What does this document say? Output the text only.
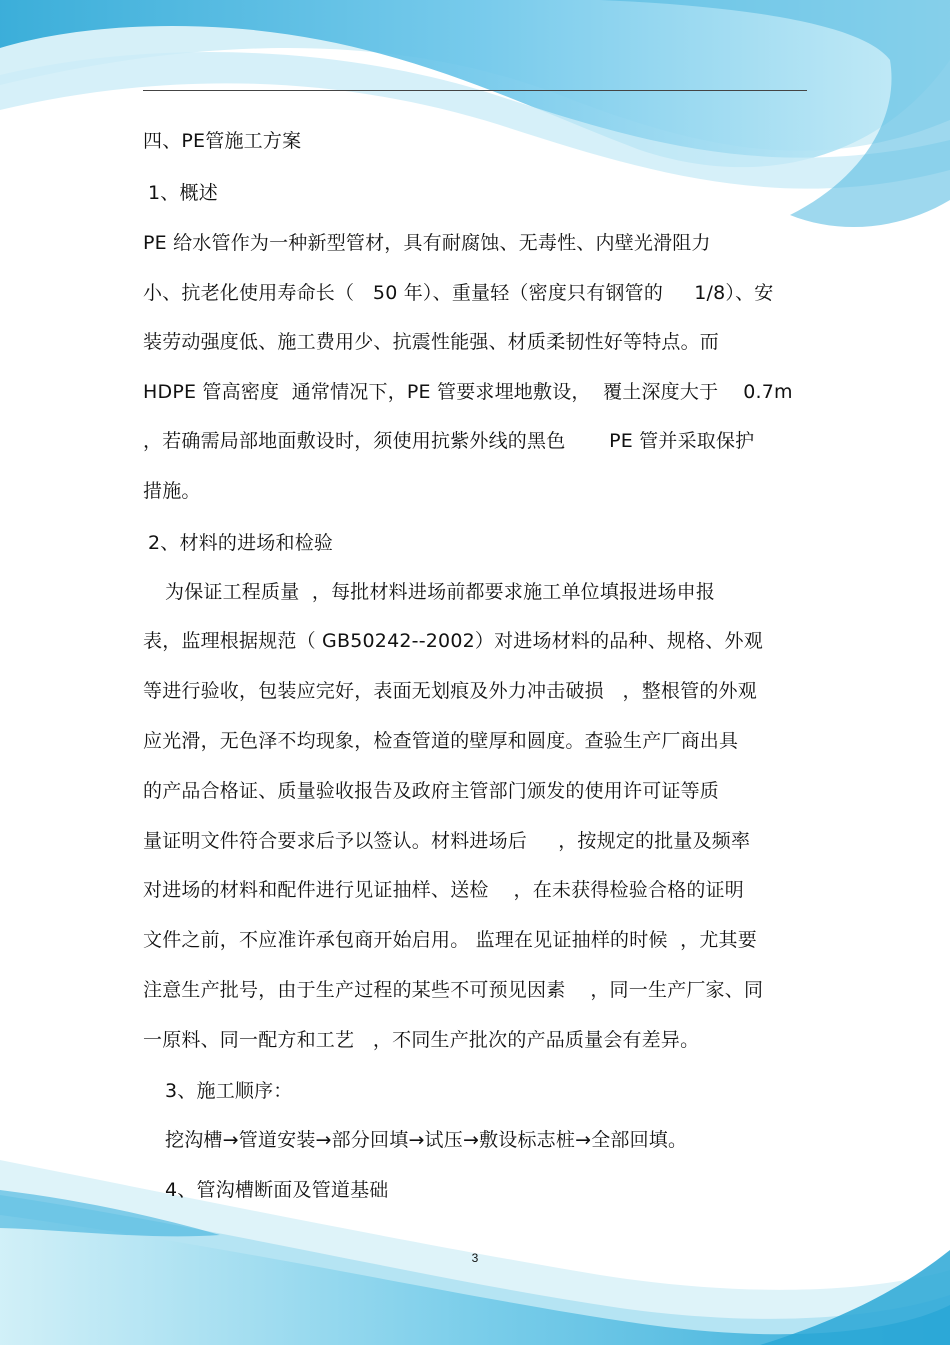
四、PE管施工方案
1、概述
PE 给水管作为一种新型管材，具有耐腐蚀、无毒性、内壁光滑阻力
小、抗老化使用寿命长（   50 年）、重量轻（密度只有钢管的     1/8）、安
装劳动强度低、施工费用少、抗震性能强、材质柔韧性好等特点。而
HDPE 管高密度  通常情况下，PE 管要求埋地敷设，  覆土深度大于    0.7m
，若确需局部地面敷设时，须使用抗紫外线的黑色       PE 管并采取保护
措施。
2、材料的进场和检验
为保证工程质量  ，每批材料进场前都要求施工单位填报进场申报
表，监理根据规范（ GB50242--2002）对进场材料的品种、规格、外观
等进行验收，包装应完好，表面无划痕及外力冲击破损   ，整根管的外观
应光滑，无色泽不均现象，检查管道的壁厚和圆度。查验生产厂商出具
的产品合格证、质量验收报告及政府主管部门颁发的使用许可证等质
量证明文件符合要求后予以签认。材料进场后     ，按规定的批量及频率
对进场的材料和配件进行见证抽样、送检    ，在未获得检验合格的证明
文件之前，不应准许承包商开始启用。 监理在见证抽样的时候  ，尤其要
注意生产批号，由于生产过程的某些不可预见因素    ，同一生产厂家、同
一原料、同一配方和工艺   ，不同生产批次的产品质量会有差异。
3、施工顺序：
挖沟槽→管道安装→部分回填→试压→敷设标志桩→全部回填。
4、管沟槽断面及管道基础
3
